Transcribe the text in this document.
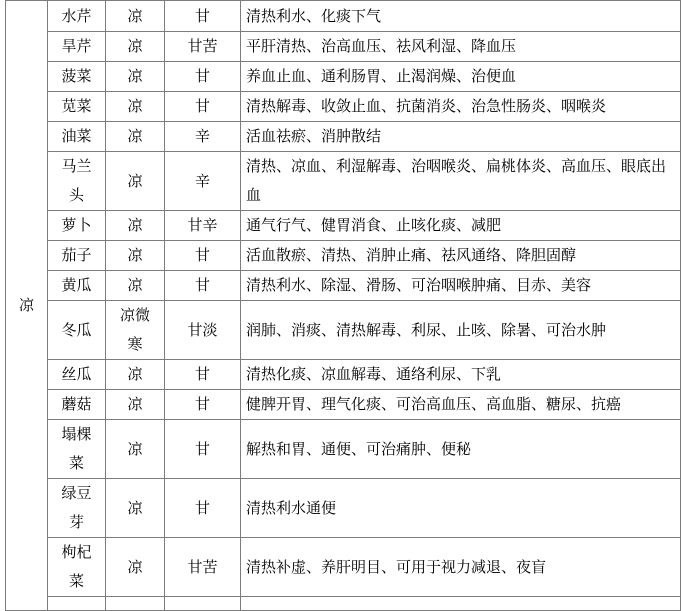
凉	水芹	凉	甘	清热利水、化痰下气
	旱芹	凉	甘苦	平肝清热、治高血压、祛风利湿、降血压
	菠菜	凉	甘	养血止血、通利肠胃、止渴润燥、治便血
	苋菜	凉	甘	清热解毒、收敛止血、抗菌消炎、治急性肠炎、咽喉炎
	油菜	凉	辛	活血祛瘀、消肿散结

	马兰头	凉	辛	清热、凉血、利湿解毒、治咽喉炎、扁桃体炎、高血压、眼底出血
	萝卜	凉	甘辛	通气行气、健胃消食、止咳化痰、减肥
	茄子	凉	甘	活血散瘀、清热、消肿止痛、祛风通络、降胆固醇
	黄瓜	凉	甘	清热利水、除湿、滑肠、可治咽喉肿痛、目赤、美容
	冬瓜	凉微寒	甘淡	润肺、消痰、清热解毒、利尿、止咳、除暑、可治水肿
	丝瓜	凉	甘	清热化痰、凉血解毒、通络利尿、下乳
	蘑菇	凉	甘	健脾开胃、理气化痰、可治高血压、高血脂、糖尿、抗癌

	塌棵菜	凉	甘	解热和胃、通便、可治痛肿、便秘

	绿豆芽	凉	甘	清热利水通便

	枸杞菜	凉	甘苦	清热补虚、养肝明目、可用于视力减退、夜盲
